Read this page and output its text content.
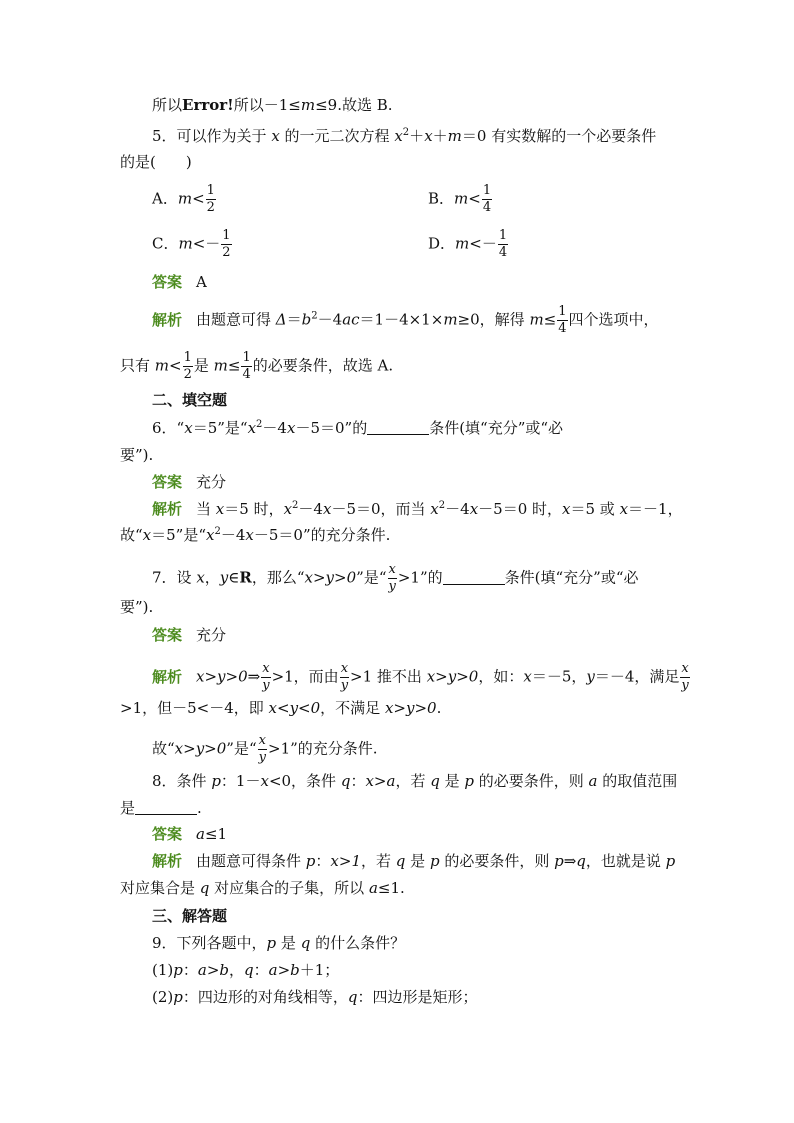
所以Error!所以－1≤m≤9.故选 B.
5．可以作为关于 x 的一元二次方程 $x^2+x+m=0$ 有实数解的一个必要条件
的是(　　)
A．$m< \frac{1}{2}$	B．$m< \frac{1}{4}$
C．$m<- \frac{1}{2}$	D．$m<- \frac{1}{4}$
答案 A
解析 由题意可得 $\Delta=b^2-4ac=1-4\times 1\times m\ge 0$，解得 $m\le \frac{1}{4}$ 四个选项中，
只有 $m< \frac{1}{2}$ 是 $m\le \frac{1}{4}$ 的必要条件，故选 A.
二、填空题
6．“x＝5”是“$x^2-4x-5=0$”的	条件(填“充分”或“必
要”).
答案 充分
解析 当 x＝5 时，$x^2-4x-5=0$，而当 $x^2-4x-5=0$ 时，x＝5 或 x＝－1，
故“x＝5”是“$x^2-4x-5=0$”的充分条件.
7．设 x，y∈R，那么“x>y>0”是“ $\frac{x}{y} >1$”的	条件(填“充分”或“必
要”).
答案 充分
解析 x>y>0⇒ $\frac{x}{y} >1$，而由 $\frac{x}{y} >1$ 推不出 x>y>0，如：x＝－5，y＝－4，满足 $\frac{x}{y}$
>1，但－5<－4，即 x<y<0，不满足 x>y>0.
故“x>y>0”是“ $\frac{x}{y} >1$”的充分条件.
8．条件 p：1－x<0，条件 q：x>a，若 q 是 p 的必要条件，则 a 的取值范围
是	.
答案 a≤1
解析 由题意可得条件 p：x>1，若 q 是 p 的必要条件，则 p⇒q，也就是说 p
对应集合是 q 对应集合的子集，所以 a≤1.
三、解答题
9．下列各题中，p 是 q 的什么条件？
(1)p：a>b，q：a>b＋1；
(2)p：四边形的对角线相等，q：四边形是矩形；
